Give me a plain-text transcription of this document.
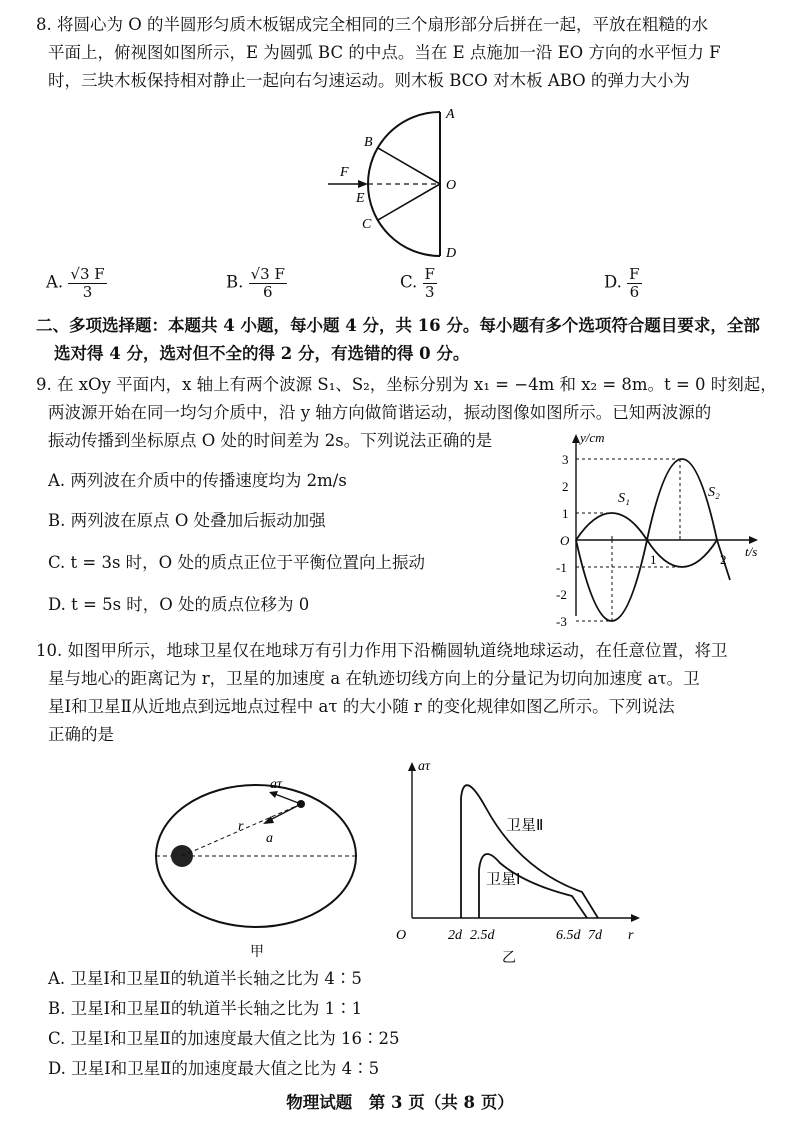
8. 将圆心为 O 的半圆形匀质木板锯成完全相同的三个扇形部分后拼在一起，平放在粗糙的水
平面上，俯视图如图所示，E 为圆弧 BC 的中点。当在 E 点施加一沿 EO 方向的水平恒力 F
时，三块木板保持相对静止一起向右匀速运动。则木板 BCO 对木板 ABO 的弹力大小为
A
B
F
O
E
C
D
A. $\frac{√3 F}{3}$	B. $\frac{√3 F}{6}$	C. $\frac{F}{3}$	D. $\frac{F}{6}$
二、多项选择题：本题共 4 小题，每小题 4 分，共 16 分。每小题有多个选项符合题目要求，全部
选对得 4 分，选对但不全的得 2 分，有选错的得 0 分。
9. 在 xOy 平面内，x 轴上有两个波源 S₁、S₂，坐标分别为 x₁ = −4m 和 x₂ = 8m。t = 0 时刻起，
两波源开始在同一均匀介质中，沿 y 轴方向做简谐运动，振动图像如图所示。已知两波源的
振动传播到坐标原点 O 处的时间差为 2s。下列说法正确的是
A. 两列波在介质中的传播速度均为 2m/s
B. 两列波在原点 O 处叠加后振动加强
C. t = 3s 时，O 处的质点正位于平衡位置向上振动
D. t = 5s 时，O 处的质点位移为 0
y/cm
t/s
O
3
2
1
-1
-2
-3
1	2
S₁	S₂
10. 如图甲所示，地球卫星仅在地球万有引力作用下沿椭圆轨道绕地球运动，在任意位置，将卫
星与地心的距离记为 r，卫星的加速度 a 在轨迹切线方向上的分量记为切向加速度 aτ。卫
星Ⅰ和卫星Ⅱ从近地点到远地点过程中 aτ 的大小随 r 的变化规律如图乙所示。下列说法
正确的是
aτ
r
a
甲
aτ
r
O
卫星Ⅱ
卫星Ⅰ
2d 2.5d	6.5d 7d
乙
A. 卫星Ⅰ和卫星Ⅱ的轨道半长轴之比为 4∶5
B. 卫星Ⅰ和卫星Ⅱ的轨道半长轴之比为 1∶1
C. 卫星Ⅰ和卫星Ⅱ的加速度最大值之比为 16∶25
D. 卫星Ⅰ和卫星Ⅱ的加速度最大值之比为 4∶5
物理试题　第 3 页（共 8 页）
